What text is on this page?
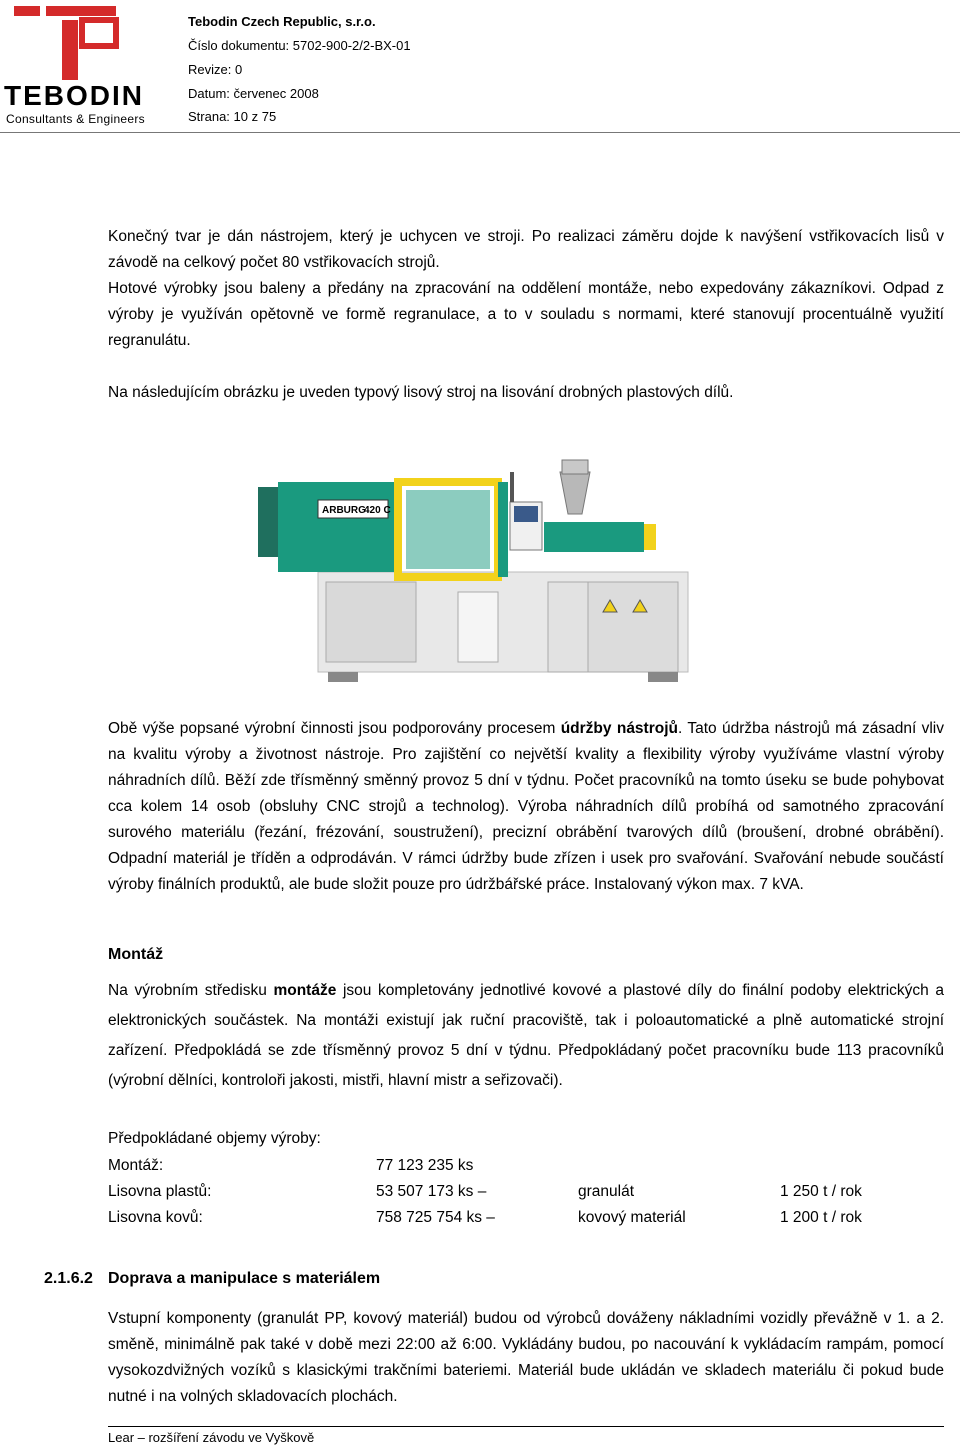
TEBODIN
Consultants & Engineers
Tebodin Czech Republic, s.r.o.
Číslo dokumentu: 5702-900-2/2-BX-01
Revize: 0
Datum: červenec 2008
Strana: 10 z 75
Konečný tvar je dán nástrojem, který je uchycen ve stroji. Po realizaci záměru dojde k navýšení vstřikovacích lisů v závodě na celkový počet 80 vstřikovacích strojů.
Hotové výrobky jsou baleny a předány na zpracování na oddělení montáže, nebo expedovány zákazníkovi. Odpad z výroby je využíván opětovně ve formě regranulace, a to v souladu s normami, které stanovují procentuálně využití regranulátu.
Na následujícím obrázku je uveden typový lisový stroj na lisování drobných plastových dílů.
ARBURG
420 C
Obě výše popsané výrobní činnosti jsou podporovány procesem údržby nástrojů. Tato údržba nástrojů má zásadní vliv na kvalitu výroby a životnost nástroje. Pro zajištění co největší kvality a flexibility výroby využíváme vlastní výroby náhradních dílů. Běží zde třísměnný směnný provoz 5 dní v týdnu. Počet pracovníků na tomto úseku se bude pohybovat cca kolem 14 osob (obsluhy CNC strojů a technolog). Výroba náhradních dílů probíhá od samotného zpracování surového materiálu (řezání, frézování, soustružení), precizní obrábění tvarových dílů (broušení, drobné obrábění). Odpadní materiál je tříděn a odprodáván. V rámci údržby bude zřízen i usek pro svařování. Svařování nebude součástí výroby finálních produktů, ale bude složit pouze pro údržbářské práce. Instalovaný výkon max. 7 kVA.
Montáž
Na výrobním středisku montáže jsou kompletovány jednotlivé kovové a plastové díly do finální podoby elektrických a elektronických součástek. Na montáži existují jak ruční pracoviště, tak i poloautomatické a plně automatické strojní zařízení. Předpokládá se zde třísměnný provoz 5 dní v týdnu. Předpokládaný počet pracovníku bude 113 pracovníků (výrobní dělníci, kontroloři jakosti, mistři, hlavní mistr a seřizovači).
Předpokládané objemy výroby:
Montáž:	77 123 235 ks
Lisovna plastů:	53 507 173 ks –	granulát	1 250 t / rok
Lisovna kovů:	758 725 754 ks –	kovový materiál	1 200 t / rok
2.1.6.2 Doprava a manipulace s materiálem
Vstupní komponenty (granulát PP, kovový materiál) budou od výrobců dováženy nákladními vozidly převážně v 1. a 2. směně, minimálně pak také v době mezi 22:00 až 6:00. Vykládány budou, po nacouvání k vykládacím rampám, pomocí vysokozdvižných vozíků s klasickými trakčními bateriemi. Materiál bude ukládán ve skladech materiálu či pokud bude nutné i na volných skladovacích plochách.
Lear – rozšíření závodu ve Vyškově
